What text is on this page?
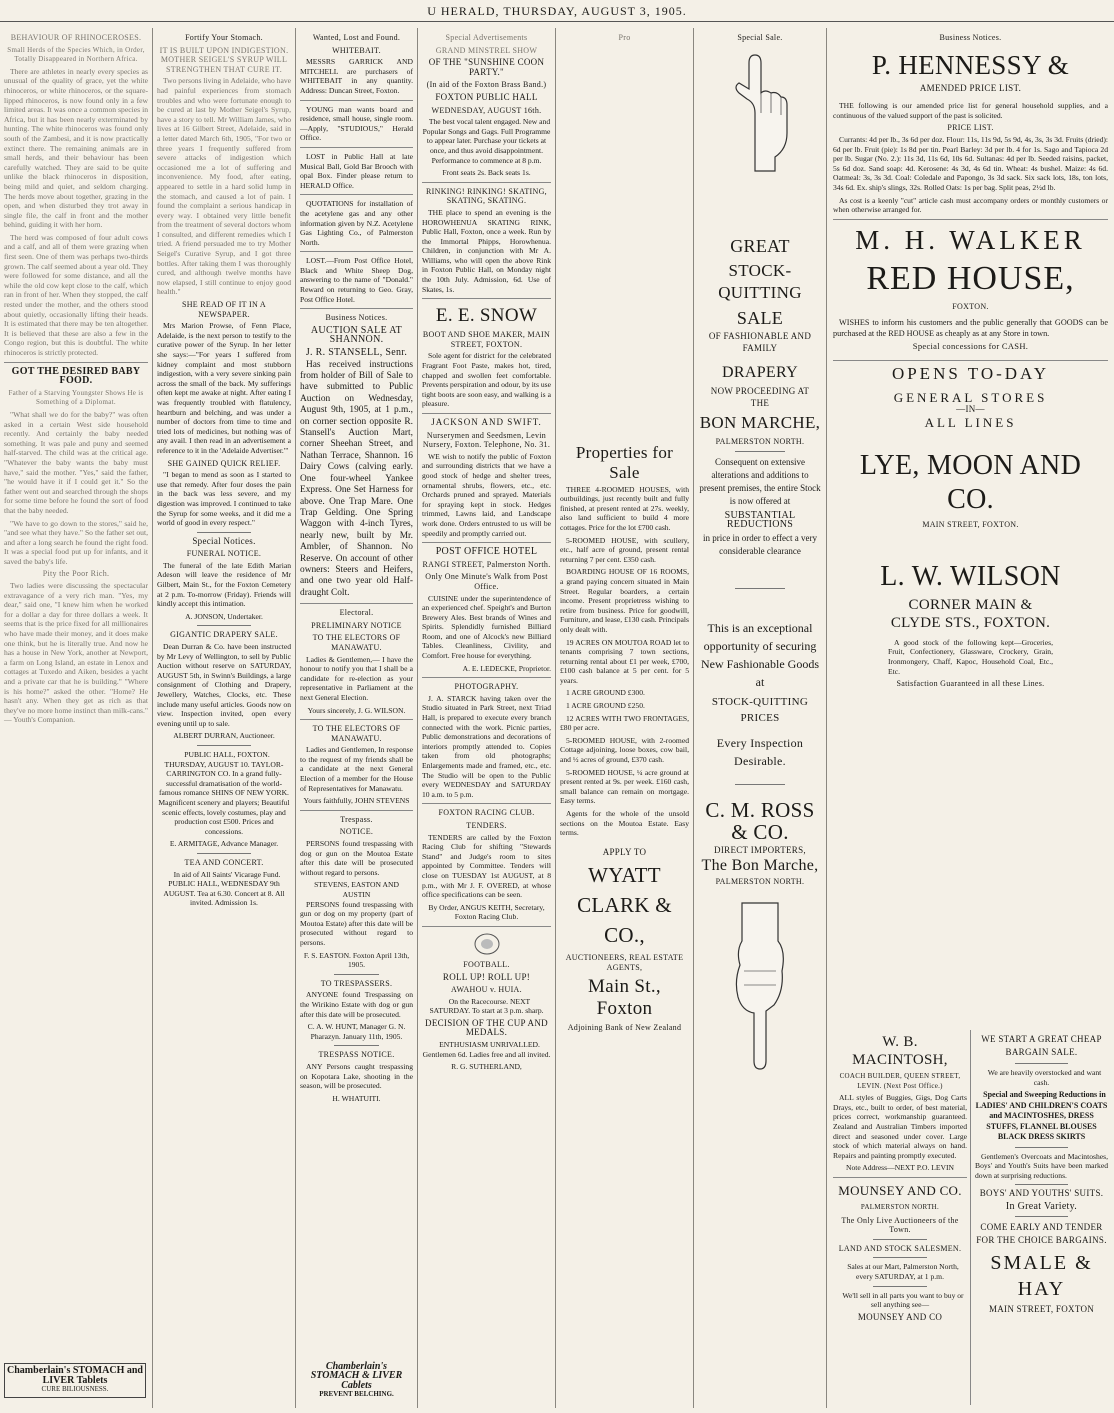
U HERALD, THURSDAY, AUGUST 3, 1905.
BEHAVIOUR OF RHINOCEROSES.
Small Herds of the Species Which, in Order, Totally Disappeared in Northern Africa.

There are athletes in nearly every species as unusual of the quality of grace, yet the white rhinoceros, or white rhinoceros, or the square-lipped rhinoceros, is now found only in a few limited areas. It was once a common species in Africa, but it has been nearly exterminated by hunting. The white rhinoceros was found only south of the Zambesi, and it is now practically extinct there. The remaining animals are in small herds, and their behaviour has been carefully watched. They are said to be quite unlike the black rhinoceros in disposition, being mild and quiet, and seldom charging. The herds move about together, grazing in the open, and when disturbed they trot away in single file, the calf in front and the mother behind, guiding it with her horn.

The herd was composed of four adult cows and a calf, and all of them were grazing when first seen. One of them was perhaps two-thirds grown. The calf seemed about a year old. They were followed for some distance, and all the while the old cow kept close to the calf, which ran in front of her. When they stopped, the calf rested under the mother, and the others stood about quietly, occasionally lifting their heads. It is estimated that there may be ten altogether. It is believed that these are also a few in the Congo region, but this is doubtful. The white rhinoceros is strictly protected.

GOT THE DESIRED BABY FOOD.
Father of a Starving Youngster Shows He is Something of a Diplomat.

"What shall we do for the baby?" was often asked in a certain West side household recently. And certainly the baby needed something. It was pale and puny and seemed half-starved. The child was at the critical age. "Whatever the baby wants the baby must have," said the mother. "Yes," said the father, "he would have it if I could get it." So the father went out and searched through the shops for some time before he found the sort of food that the baby needed.

"We have to go down to the stores," said he, "and see what they have." So the father set out, and after a long search he found the right food. It was a special food put up for infants, and it saved the baby's life.

Pity the Poor Rich.

Two ladies were discussing the spectacular extravagance of a very rich man. "Yes, my dear," said one, "I knew him when he worked for a dollar a day for three dollars a week. It seems that is the price fixed for all millionaires who have made their money, and it does make one think, but he is literally true. And now he has a house in New York, another at Newport, a farm on Long Island, an estate in Lenox and cottages at Tuxedo and Aiken, besides a yacht and a private car that he is building." "Where is his home?" asked the other. "Home? He hasn't any. When they get as rich as that they've no more home instinct than milk-cans." — Youth's Companion.

Chamberlain's STOMACH and LIVER Tablets
CURE BILIOUSNESS.
Fortify Your Stomach.
IT IS BUILT UPON INDIGESTION. MOTHER SEIGEL'S SYRUP WILL STRENGTHEN THAT CURE IT.

Two persons living in Adelaide, who have had painful experiences from stomach troubles and who were fortunate enough to be cured at last by Mother Seigel's Syrup, have a story to tell. Mr William James, who lives at 16 Gilbert Street, Adelaide, said in a letter dated March 6th, 1905, "For two or three years I frequently suffered from severe attacks of indigestion which occasioned me a lot of suffering and inconvenience. My food, after eating, appeared to settle in a hard solid lump in the stomach, and caused a lot of pain. I found the complaint a serious handicap in every way. I obtained very little benefit from the treatment of several doctors whom I consulted, and different remedies which I tried. A friend persuaded me to try Mother Seigel's Curative Syrup, and I got three bottles. After taking them I was thoroughly cured, and although twelve months have now elapsed, I still continue to enjoy good health."

SHE READ OF IT IN A NEWSPAPER.

Mrs Marion Prowse, of Fenn Place, Adelaide, is the next person to testify to the curative power of the Syrup. In her letter she says:—"For years I suffered from kidney complaint and most stubborn indigestion, with a very severe sinking pain across the small of the back. My sufferings often kept me awake at night. After eating I was frequently troubled with flatulency, heartburn and belching, and was under a number of doctors from time to time and tried lots of medicines, but nothing was of any avail. I then read in an advertisement a reference to it in the 'Adelaide Advertiser.'"

SHE GAINED QUICK RELIEF.

"I began to mend as soon as I started to use that remedy. After four doses the pain in the back was less severe, and my digestion was improved. I continued to take the Syrup for some weeks, and it did me a world of good in every respect."

Special Notices.
FUNERAL NOTICE.

The funeral of the late Edith Marian Adeson will leave the residence of Mr Gilbert, Main St., for the Foxton Cemetery at 2 p.m. To-morrow (Friday). Friends will kindly accept this intimation.

A. JONSON, Undertaker.
GIGANTIC DRAPERY SALE.

Dean Durran & Co. have been instructed by Mr Levy of Wellington, to sell by Public Auction without reserve on SATURDAY, AUGUST 5th, in Swinn's Buildings, a large consignment of Clothing and Drapery, Jewellery, Watches, Clocks, etc. These include many useful articles. Goods now on view. Inspection invited, open every evening until up to sale.

ALBERT DURRAN, Auctioneer.

PUBLIC HALL, FOXTON. THURSDAY, AUGUST 10. TAYLOR-CARRINGTON CO. In a grand fully-successful dramatisation of the world-famous romance SHINS OF NEW YORK. Magnificent scenery and players; Beautiful scenic effects, lovely costumes, play and production cost £500. Prices and concessions.

E. ARMITAGE, Advance Manager.
TEA AND CONCERT.

In aid of All Saints' Vicarage Fund. PUBLIC HALL, WEDNESDAY 9th AUGUST. Tea at 6.30. Concert at 8. All invited. Admission 1s.

Wanted, Lost and Found.
WHITEBAIT.

MESSRS GARRICK AND MITCHELL are purchasers of WHITEBAIT in any quantity. Address: Duncan Street, Foxton.

YOUNG man wants board and residence, small house, single room.—Apply, "STUDIOUS," Herald Office.

LOST in Public Hall at late Musical Ball, Gold Bar Brooch with opal Box. Finder please return to HERALD Office.

QUOTATIONS for installation of the acetylene gas and any other information given by N.Z. Acetylene Gas Lighting Co., of Palmerston North.

LOST.—From Post Office Hotel, Black and White Sheep Dog, answering to the name of "Donald." Reward on returning to Geo. Gray, Post Office Hotel.

Business Notices.
AUCTION SALE AT SHANNON.
J. R. STANSELL, Senr.

Has received instructions from holder of Bill of Sale to have submitted to Public Auction on Wednesday, August 9th, 1905, at 1 p.m., on corner section opposite R. Stansell's Auction Mart, corner Sheehan Street, and Nathan Terrace, Shannon. 16 Dairy Cows (calving early. One four-wheel Yankee Express. One Set Harness for above. One Trap Mare. One Trap Gelding. One Spring Waggon with 4-inch Tyres, nearly new, built by Mr. Ambler, of Shannon. No Reserve. On account of other owners: Steers and Heifers, and one two year old Half-draught Colt.

Electoral.
PRELIMINARY NOTICE
TO THE ELECTORS OF MANAWATU.

Ladies & Gentlemen,— I have the honour to notify you that I shall be a candidate for re-election as your representative in Parliament at the next General Election.

Yours sincerely, J. G. WILSON.
TO THE ELECTORS OF MANAWATU.

Ladies and Gentlemen, In response to the request of my friends shall be a candidate at the next General Election of a member for the House of Representatives for Manawatu.

Yours faithfully, JOHN STEVENS
Trespass.
NOTICE.

PERSONS found trespassing with dog or gun on the Moutoa Estate after this date will be prosecuted without regard to persons.

STEVENS, EASTON AND AUSTIN

PERSONS found trespassing with gun or dog on my property (part of Moutoa Estate) after this date will be prosecuted without regard to persons.

F. S. EASTON. Foxton April 13th, 1905.
TO TRESPASSERS.

ANYONE found Trespassing on the Wirikino Estate with dog or gun after this date will be prosecuted.

C. A. W. HUNT, Manager G. N. Pharazyn. January 11th, 1905.
TRESPASS NOTICE.

ANY Persons caught trespassing on Kopotara Lake, shooting in the season, will be prosecuted.

H. WHATUITI.
Chamberlain's STOMACH & LIVER Cablets
PREVENT BELCHING.
Special Advertisements
GRAND MINSTREL SHOW
OF THE "SUNSHINE COON PARTY."
(In aid of the Foxton Brass Band.)
FOXTON PUBLIC HALL
WEDNESDAY, AUGUST 16th.

The best vocal talent engaged. New and Popular Songs and Gags. Full Programme to appear later. Purchase your tickets at once, and thus avoid disappointment. Performance to commence at 8 p.m.

Front seats 2s. Back seats 1s.
RINKING! RINKING! SKATING, SKATING, SKATING.

THE place to spend an evening is the HOROWHENUA SKATING RINK, Public Hall, Foxton, once a week. Run by the Immortal Phipps, Horowhenua. Children, in conjunction with Mr A. Williams, who will open the above Rink in Foxton Public Hall, on Monday night the 10th July. Admission, 6d. Use of Skates, 1s.

E. E. SNOW
BOOT AND SHOE MAKER, MAIN STREET, FOXTON.

Sole agent for district for the celebrated Fragrant Foot Paste, makes hot, tired, chapped and swollen feet comfortable. Prevents perspiration and odour, by its use tight boots are soon easy, and walking is a pleasure.

JACKSON AND SWIFT.
Nurserymen and Seedsmen, Levin Nursery, Foxton. Telephone, No. 31.

WE wish to notify the public of Foxton and surrounding districts that we have a good stock of hedge and shelter trees, ornamental shrubs, flowers, etc., etc. Orchards pruned and sprayed. Materials for spraying kept in stock. Hedges trimmed, Lawns laid, and Landscape work done. Orders entrusted to us will be speedily and promptly carried out.

POST OFFICE HOTEL
RANGI STREET, Palmerston North.
Only One Minute's Walk from Post Office.

CUISINE under the superintendence of an experienced chef. Speight's and Burton Brewery Ales. Best brands of Wines and Spirits. Splendidly furnished Billiard Room, and one of Alcock's new Billiard Tables. Cleanliness, Civility, and Comfort. Free house for everything.

A. E. LEDECKE, Proprietor.
PHOTOGRAPHY.

J. A. STARCK having taken over the Studio situated in Park Street, next Triad Hall, is prepared to execute every branch connected with the work. Picnic parties, Public demonstrations and decorations of interiors promptly attended to. Copies taken from old photographs; Enlargements made and framed, etc., etc. The Studio will be open to the Public every WEDNESDAY and SATURDAY 10 a.m. to 5 p.m.

FOXTON RACING CLUB.
TENDERS.

TENDERS are called by the Foxton Racing Club for shifting "Stewards Stand" and Judge's room to sites appointed by Committee. Tenders will close on TUESDAY 1st AUGUST, at 8 p.m., with Mr J. F. OVERED, at whose office specifications can be seen.

By Order, ANGUS KEITH, Secretary, Foxton Racing Club.
FOOTBALL.
ROLL UP! ROLL UP!
AWAHOU v. HUIA.

On the Racecourse. NEXT SATURDAY. To start at 3 p.m. sharp.

DECISION OF THE CUP AND MEDALS.

ENTHUSIASM UNRIVALLED. Gentlemen 6d. Ladies free and all invited.

R. G. SUTHERLAND,
Pro
Properties for Sale

THREE 4-ROOMED HOUSES, with outbuildings, just recently built and fully finished, at present rented at 27s. weekly, also land sufficient to build 4 more cottages. Price for the lot £700 cash.

5-ROOMED HOUSE, with scullery, etc., half acre of ground, present rental returning 7 per cent. £350 cash.

BOARDING HOUSE OF 16 ROOMS, a grand paying concern situated in Main Street. Regular boarders, a certain income. Present proprietress wishing to retire from business. Price for goodwill, Furniture, and lease, £130 cash. Principals only dealt with.

19 ACRES ON MOUTOA ROAD let to tenants comprising 7 town sections, returning rental about £1 per week, £700, £100 cash balance at 5 per cent. for 5 years.

1 ACRE GROUND £300.

1 ACRE GROUND £250.

12 ACRES WITH TWO FRONTAGES, £80 per acre.

5-ROOMED HOUSE, with 2-roomed Cottage adjoining, loose boxes, cow bail, and ½ acres of ground, £370 cash.

5-ROOMED HOUSE, ¼ acre ground at present rented at 9s. per week. £160 cash, small balance can remain on mortgage. Easy terms.

Agents for the whole of the unsold sections on the Moutoa Estate. Easy terms.

APPLY TO
WYATT CLARK & CO.,
AUCTIONEERS, REAL ESTATE AGENTS,
Main St., Foxton
Adjoining Bank of New Zealand
Special Sale.
GREAT
STOCK-QUITTING
SALE
OF FASHIONABLE AND
FAMILY
DRAPERY
NOW PROCEEDING AT
THE
BON MARCHE,
PALMERSTON NORTH.

Consequent on extensive alterations and additions to present premises, the entire Stock is now offered at

SUBSTANTIAL REDUCTIONS

in price in order to effect a very considerable clearance

This is an exceptional opportunity of securing New Fashionable Goods at

STOCK-QUITTING PRICES
Every Inspection Desirable.
C. M. ROSS & CO.
DIRECT IMPORTERS,
The Bon Marche,
PALMERSTON NORTH.
Business Notices.
P. HENNESSY &
AMENDED PRICE LIST.

THE following is our amended price list for general household supplies, and a continuous of the valued support of the past is solicited.

PRICE LIST.

Currants: 4d per lb., 3s 6d per doz. Flour: 11s, 11s 9d, 5s 9d, 4s, 3s, 3s 3d. Fruits (dried): 6d per lb. Fruit (pie): 1s 8d per tin. Pearl Barley: 3d per lb. 4 for 1s. Sago and Tapioca 2d per lb. Sugar (No. 2.): 11s 3d, 11s 6d, 10s 6d. Sultanas: 4d per lb. Seeded raisins, packet, 5s 6d doz. Sand soap: 4d. Kerosene: 4s 3d, 4s 6d tin. Wheat: 4s bushel. Maize: 4s 6d. Oatmeal: 3s, 3s 3d. Coal: Coledale and Papongo, 3s 3d sack. Six sack lots, 18s, ton lots, 34s 6d. Ex. ship's slings, 32s. Rolled Oats: 1s per bag. Split peas, 2½d lb.

As cost is a keenly "cut" article cash must accompany orders or monthly customers or when otherwise arranged for.

M. H. WALKER
RED HOUSE,
FOXTON.

WISHES to inform his customers and the public generally that GOODS can be purchased at the RED HOUSE as cheaply as at any Store in town.

Special concessions for CASH.
OPENS TO-DAY
GENERAL STORES
—IN—
ALL LINES
LYE, MOON AND CO.
MAIN STREET, FOXTON.
L. W. WILSON
CORNER MAIN & CLYDE STS., FOXTON.

A good stock of the following kept—Groceries, Fruit, Confectionery, Glassware, Crockery, Grain, Ironmongery, Chaff, Kapoc, Household Coal, Etc., Etc.

Satisfaction Guaranteed in all these Lines.
W. B. MACINTOSH,
COACH BUILDER, QUEEN STREET, LEVIN. (Next Post Office.)

ALL styles of Buggies, Gigs, Dog Carts Drays, etc., built to order, of best material, prices correct, workmanship guaranteed. Zealand and Australian Timbers imported direct and seasoned under cover. Large stock of which material always on hand. Repairs and painting promptly executed.

Note Address—NEXT P.O. LEVIN
MOUNSEY AND CO.
PALMERSTON NORTH.
The Only Live Auctioneers of the Town.
LAND AND STOCK SALESMEN.

Sales at our Mart, Palmerston North, every SATURDAY, at 1 p.m.

We'll sell in all parts you want to buy or sell anything see—

MOUNSEY AND CO
WE START A GREAT CHEAP BARGAIN SALE.

We are heavily overstocked and want cash.

Special and Sweeping Reductions in LADIES' AND CHILDREN'S COATS and MACINTOSHES, DRESS STUFFS, FLANNEL BLOUSES BLACK DRESS SKIRTS

Gentlemen's Overcoats and Macintoshes, Boys' and Youth's Suits have been marked down at surprising reductions.

BOYS' AND YOUTHS' SUITS.
In Great Variety.
COME EARLY AND TENDER FOR THE CHOICE BARGAINS.
SMALE & HAY
MAIN STREET, FOXTON
